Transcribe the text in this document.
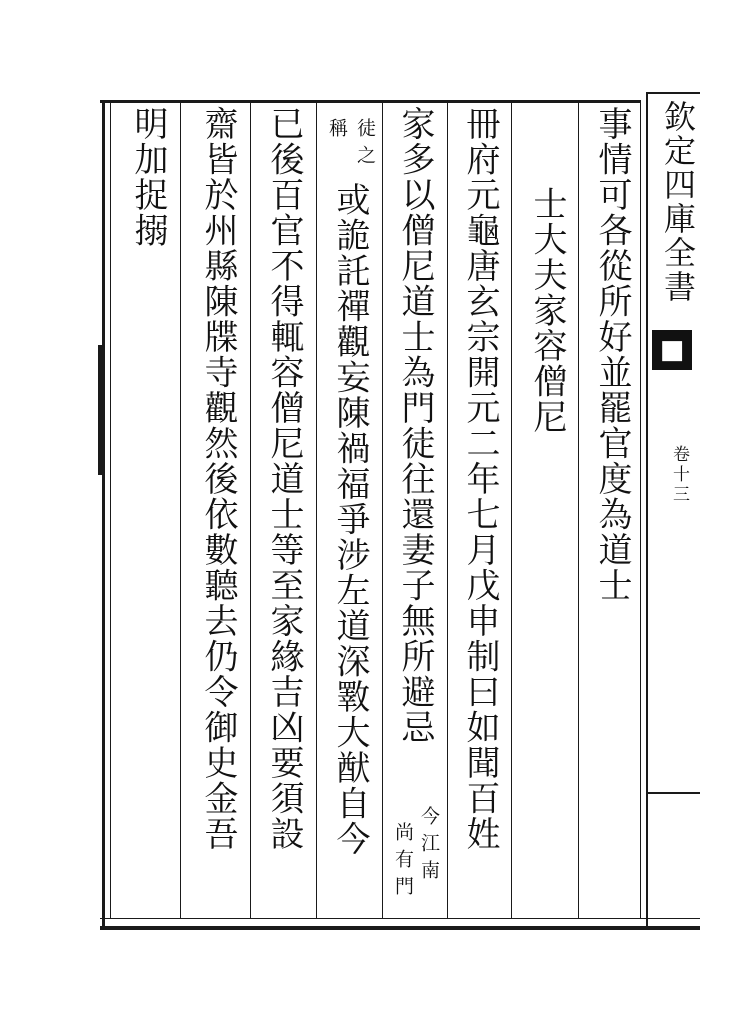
欽定四庫全書
■
卷十三
事情可各從所好並罷官度為道士
士大夫家容僧尼
冊府元龜唐玄宗開元二年七月戊申制曰如聞百姓
家多以僧尼道士為門徒往還妻子無所避忌
今江南
尚有門
徒之
稱
或詭託禪觀妄陳禍福爭涉左道深斁大猷自今
已後百官不得輒容僧尼道士等至家緣吉凶要須設
齋皆於州縣陳牒寺觀然後依數聽去仍令御史金吾
明加捉搦
